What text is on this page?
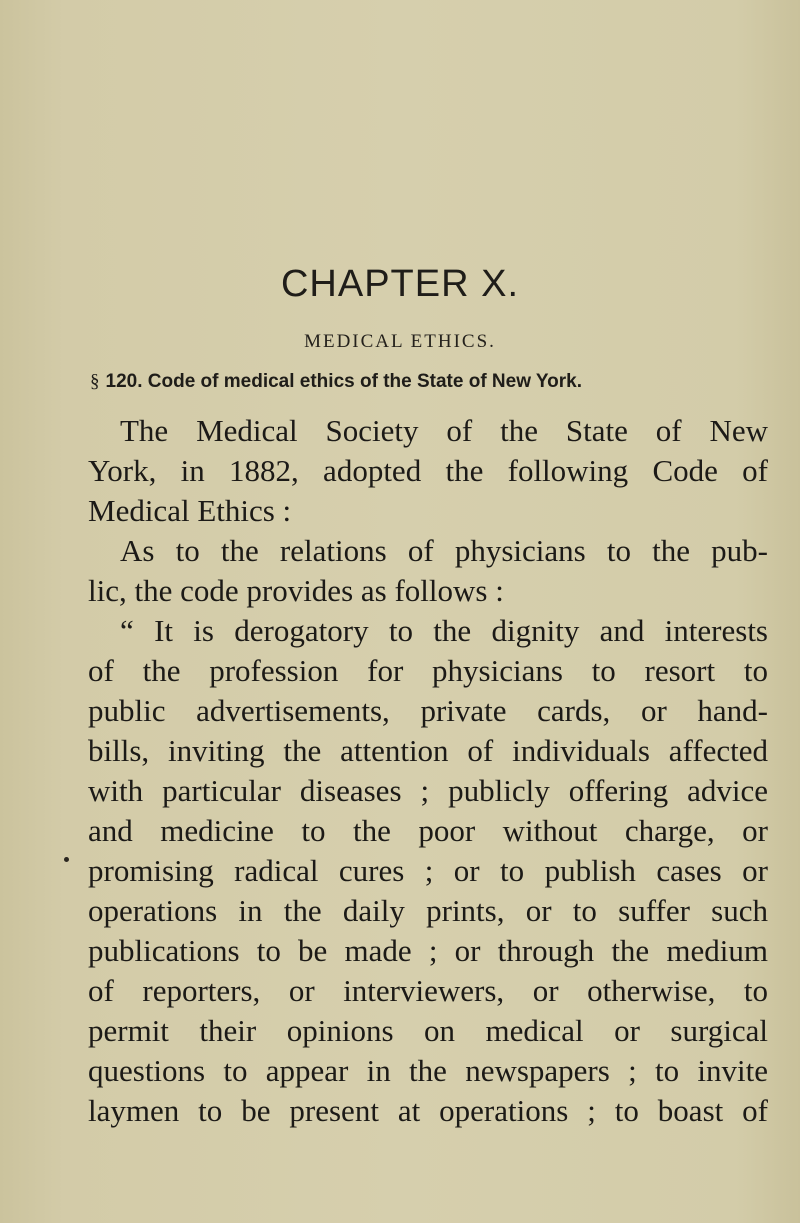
CHAPTER X.
MEDICAL ETHICS.
§ 120. Code of medical ethics of the State of New York.
The Medical Society of the State of New
York, in 1882, adopted the following Code of
Medical Ethics :
As to the relations of physicians to the pub-
lic, the code provides as follows :
“ It is derogatory to the dignity and interests
of the profession for physicians to resort to
public advertisements, private cards, or hand-
bills, inviting the attention of individuals affected
with particular diseases ; publicly offering advice
and medicine to the poor without charge, or
promising radical cures ; or to publish cases or
operations in the daily prints, or to suffer such
publications to be made ; or through the medium
of reporters, or interviewers, or otherwise, to
permit their opinions on medical or surgical
questions to appear in the newspapers ; to invite
laymen to be present at operations ; to boast of
